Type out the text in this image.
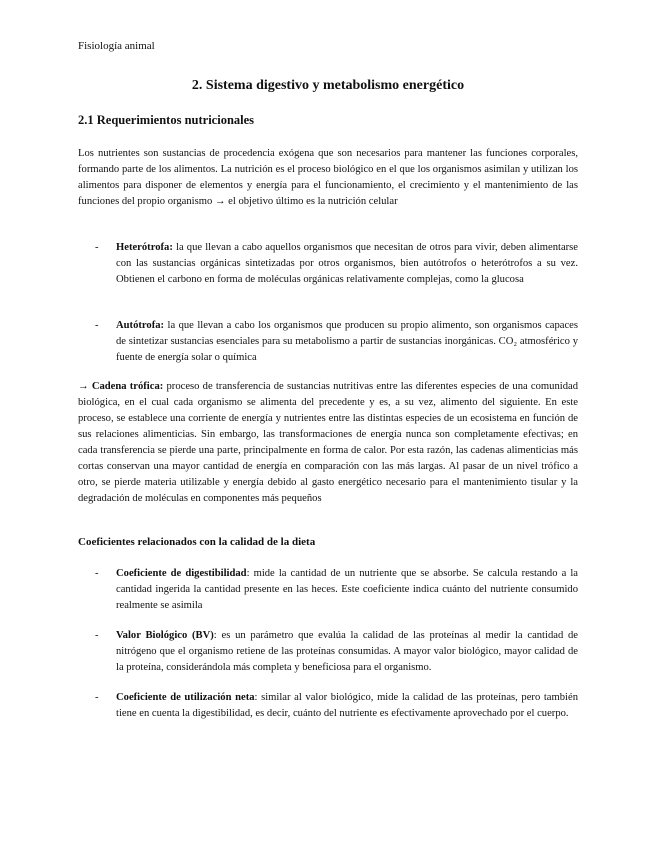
Fisiología animal
2. Sistema digestivo y metabolismo energético
2.1 Requerimientos nutricionales

Los nutrientes son sustancias de procedencia exógena que son necesarios para mantener las funciones corporales, formando parte de los alimentos. La nutrición es el proceso biológico en el que los organismos asimilan y utilizan los alimentos para disponer de elementos y energía para el funcionamiento, el crecimiento y el mantenimiento de las funciones del propio organismo → el objetivo último es la nutrición celular

- Heterótrofa: la que llevan a cabo aquellos organismos que necesitan de otros para vivir, deben alimentarse con las sustancias orgánicas sintetizadas por otros organismos, bien autótrofos o heterótrofos a su vez. Obtienen el carbono en forma de moléculas orgánicas relativamente complejas, como la glucosa

- Autótrofa: la que llevan a cabo los organismos que producen su propio alimento, son organismos capaces de sintetizar sustancias esenciales para su metabolismo a partir de sustancias inorgánicas. CO₂ atmosférico y fuente de energía solar o química

→ Cadena trófica: proceso de transferencia de sustancias nutritivas entre las diferentes especies de una comunidad biológica, en el cual cada organismo se alimenta del precedente y es, a su vez, alimento del siguiente. En este proceso, se establece una corriente de energía y nutrientes entre las distintas especies de un ecosistema en función de sus relaciones alimenticias. Sin embargo, las transformaciones de energía nunca son completamente efectivas; en cada transferencia se pierde una parte, principalmente en forma de calor. Por esta razón, las cadenas alimenticias más cortas conservan una mayor cantidad de energía en comparación con las más largas. Al pasar de un nivel trófico a otro, se pierde materia utilizable y energía debido al gasto energético necesario para el mantenimiento tisular y la degradación de moléculas en componentes más pequeños

Coeficientes relacionados con la calidad de la dieta
- Coeficiente de digestibilidad: mide la cantidad de un nutriente que se absorbe. Se calcula restando a la cantidad ingerida la cantidad presente en las heces. Este coeficiente indica cuánto del nutriente consumido realmente se asimila

- Valor Biológico (BV): es un parámetro que evalúa la calidad de las proteínas al medir la cantidad de nitrógeno que el organismo retiene de las proteínas consumidas. A mayor valor biológico, mayor calidad de la proteína, considerándola más completa y beneficiosa para el organismo.

- Coeficiente de utilización neta: similar al valor biológico, mide la calidad de las proteínas, pero también tiene en cuenta la digestibilidad, es decir, cuánto del nutriente es efectivamente aprovechado por el cuerpo.
